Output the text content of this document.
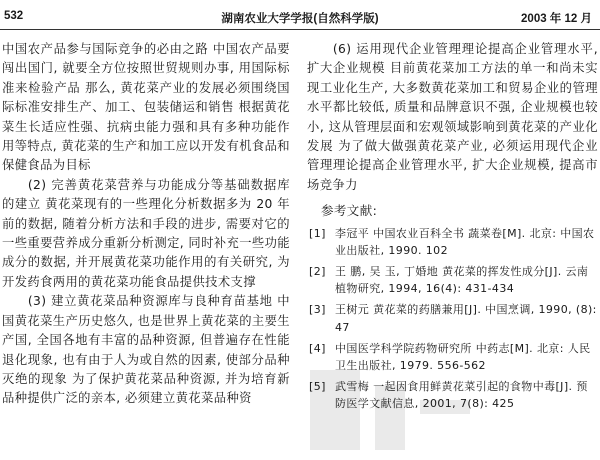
532	湖南农业大学学报(自然科学版)	2003 年 12 月

中国农产品参与国际竞争的必由之路 中国农产品要闯出国门, 就要全方位按照世贸规则办事, 用国际标准来检验产品 那么, 黄花菜产业的发展必须围绕国际标准安排生产、加工、包装储运和销售 根据黄花菜生长适应性强、抗病虫能力强和具有多种功能作用等特点, 黄花菜的生产和加工应以开发有机食品和保健食品为目标

(2) 完善黄花菜营养与功能成分等基础数据库的建立 黄花菜现有的一些理化分析数据多为 20 年前的数据, 随着分析方法和手段的进步, 需要对它的一些重要营养成分重新分析测定, 同时补充一些功能成分的数据, 并开展黄花菜功能作用的有关研究, 为开发药食两用的黄花菜功能食品提供技术支撑

(3) 建立黄花菜品种资源库与良种育苗基地 中国黄花菜生产历史悠久, 也是世界上黄花菜的主要生产国, 全国各地有丰富的品种资源, 但普遍存在性能退化现象, 也有由于人为或自然的因素, 使部分品种灭绝的现象 为了保护黄花菜品种资源, 并为培育新品种提供广泛的亲本, 必须建立黄花菜品种资

(6) 运用现代企业管理理论提高企业管理水平, 扩大企业规模 目前黄花菜加工方法的单一和尚未实现工业化生产, 大多数黄花菜加工和贸易企业的管理水平都比较低, 质量和品牌意识不强, 企业规模也较小, 这从管理层面和宏观领域影响到黄花菜的产业化发展 为了做大做强黄花菜产业, 必须运用现代企业管理理论提高企业管理水平, 扩大企业规模, 提高市场竞争力

参考文献:
[1] 李冠平 中国农业百科全书 蔬菜卷[M]. 北京: 中国农业出版社, 1990. 102
[2] 王 鹏, 吴 玉, 丁婚地 黄花菜的挥发性成分[J]. 云南植物研究, 1994, 16(4): 431-434
[3] 王树元 黄花菜的药膳兼用[J]. 中国烹调, 1990, (8): 47
[4] 中国医学科学院药物研究所 中药志[M]. 北京: 人民卫生出版社, 1979. 556-562
[5] 武雪梅 一起因食用鲜黄花菜引起的食物中毒[J]. 预防医学文献信息, 2001, 7(8): 425
